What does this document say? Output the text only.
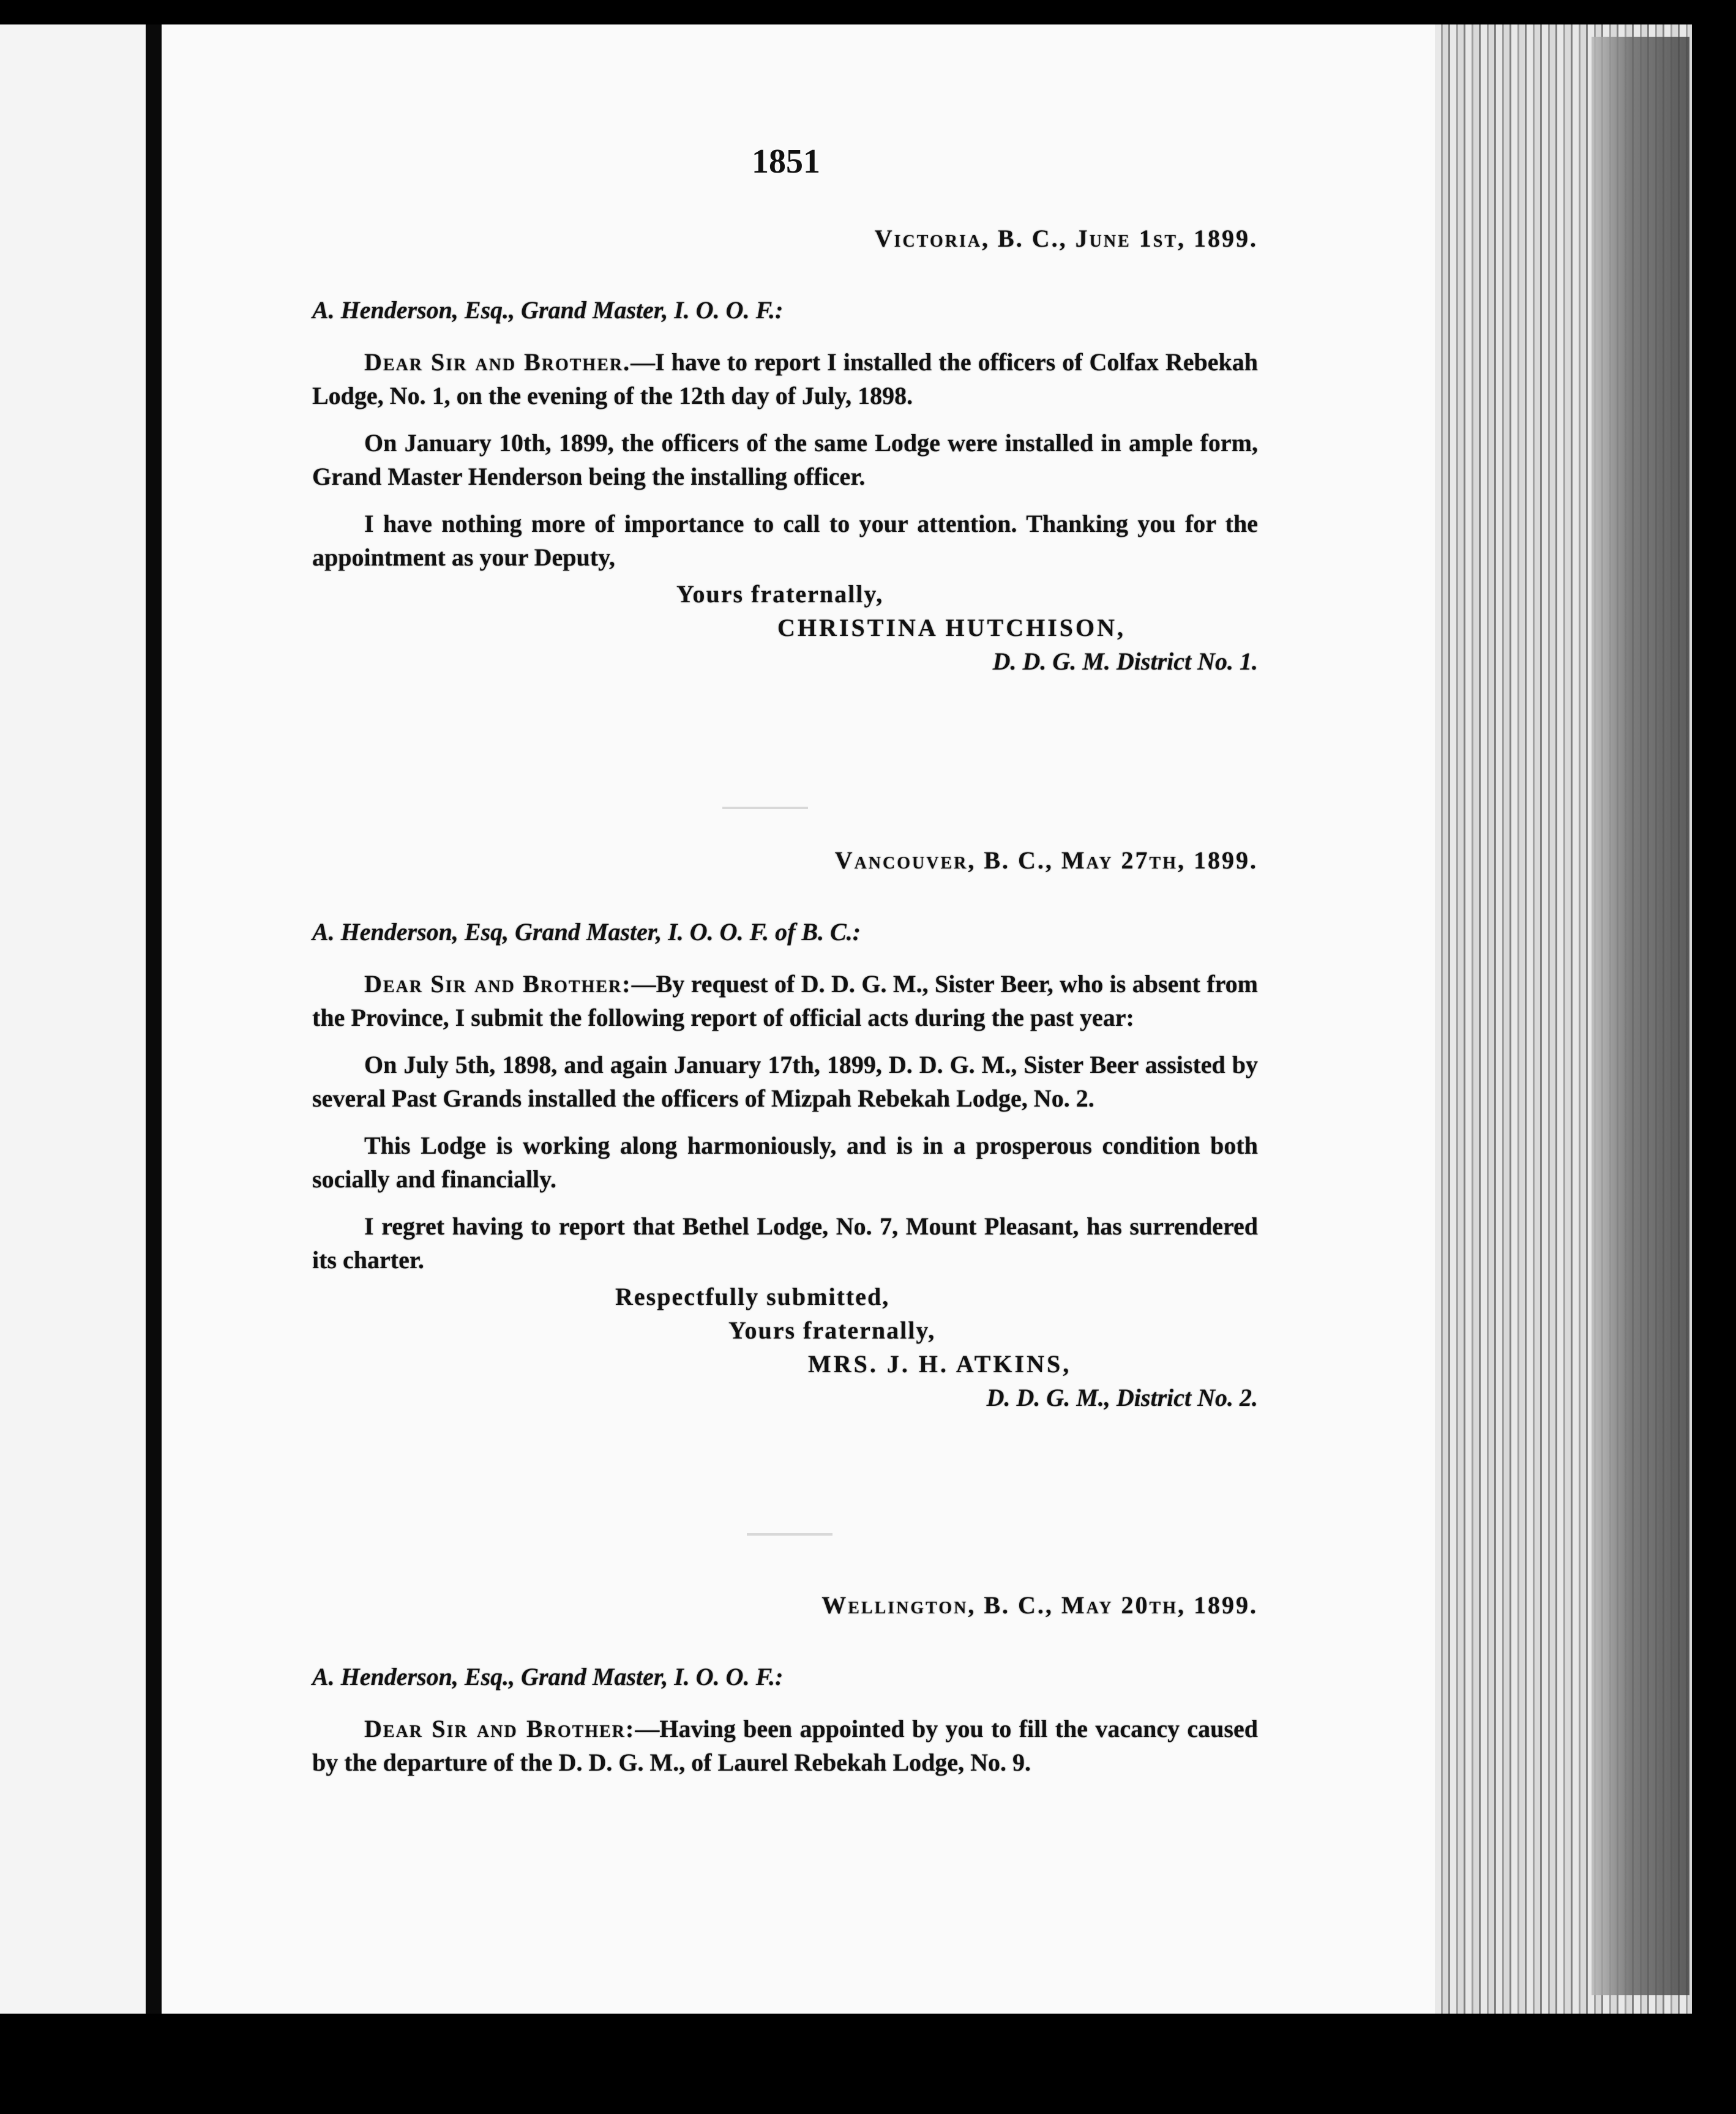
1851
Victoria, B. C., June 1st, 1899.
A. Henderson, Esq., Grand Master, I. O. O. F.:

Dear Sir and Brother.—I have to report I installed the officers of Colfax Rebekah Lodge, No. 1, on the evening of the 12th day of July, 1898.

On January 10th, 1899, the officers of the same Lodge were installed in ample form, Grand Master Henderson being the installing officer.

I have nothing more of importance to call to your attention. Thanking you for the appointment as your Deputy,

Yours fraternally,
CHRISTINA HUTCHISON,
D. D. G. M. District No. 1.
Vancouver, B. C., May 27th, 1899.
A. Henderson, Esq, Grand Master, I. O. O. F. of B. C.:

Dear Sir and Brother:—By request of D. D. G. M., Sister Beer, who is absent from the Province, I submit the following report of official acts during the past year:

On July 5th, 1898, and again January 17th, 1899, D. D. G. M., Sister Beer assisted by several Past Grands installed the officers of Mizpah Rebekah Lodge, No. 2.

This Lodge is working along harmoniously, and is in a prosperous condition both socially and financially.

I regret having to report that Bethel Lodge, No. 7, Mount Pleasant, has surrendered its charter.

Respectfully submitted,
Yours fraternally,
MRS. J. H. ATKINS,
D. D. G. M., District No. 2.
Wellington, B. C., May 20th, 1899.
A. Henderson, Esq., Grand Master, I. O. O. F.:

Dear Sir and Brother:—Having been appointed by you to fill the vacancy caused by the departure of the D. D. G. M., of Laurel Rebekah Lodge, No. 9.
